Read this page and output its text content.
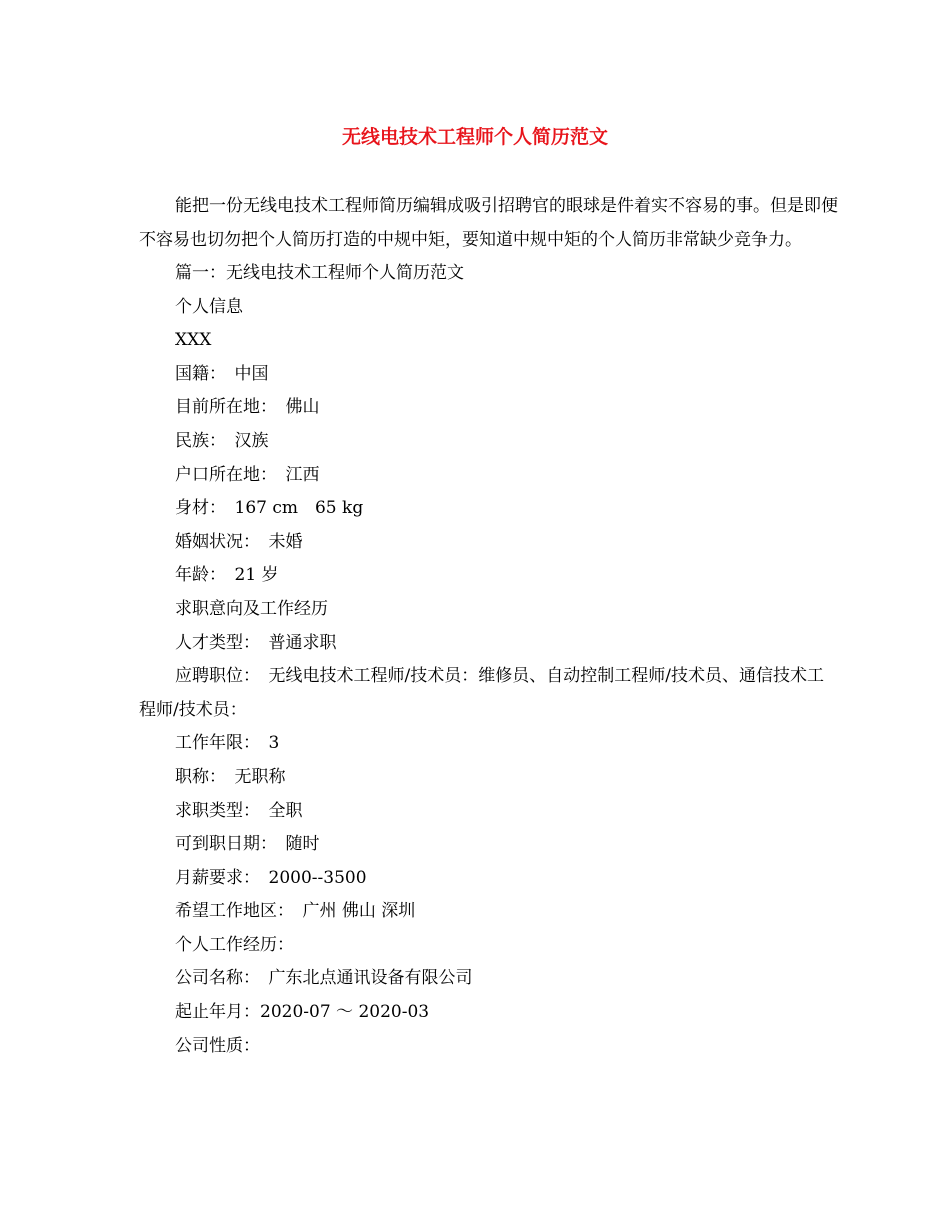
无线电技术工程师个人简历范文

能把一份无线电技术工程师简历编辑成吸引招聘官的眼球是件着实不容易的事。但是即便不容易也切勿把个人简历打造的中规中矩，要知道中规中矩的个人简历非常缺少竞争力。

篇一：无线电技术工程师个人简历范文
个人信息
XXX
国籍：　中国
目前所在地：　佛山
民族：　汉族
户口所在地：　江西
身材：　167 cm　65 kg
婚姻状况：　未婚
年龄：　21 岁
求职意向及工作经历
人才类型：　普通求职
应聘职位：　无线电技术工程师/技术员：维修员、自动控制工程师/技术员、通信技术工程师/技术员：
工作年限：　3
职称：　无职称
求职类型：　全职
可到职日期：　随时
月薪要求：　2000--3500
希望工作地区：　广州 佛山 深圳
个人工作经历：
公司名称：　广东北点通讯设备有限公司
起止年月：2020-07 ～ 2020-03
公司性质：
